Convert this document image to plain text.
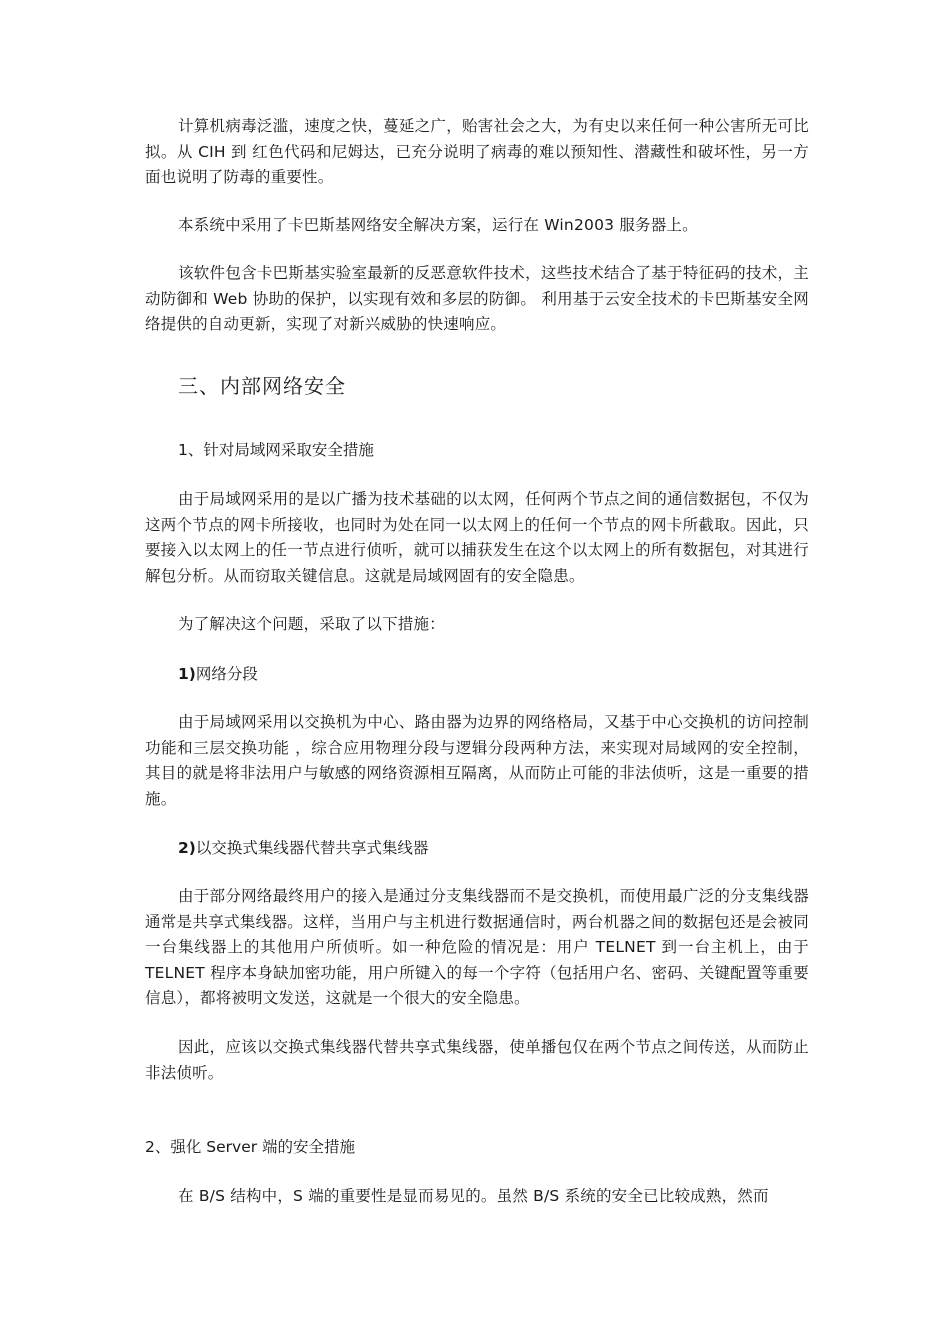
计算机病毒泛滥，速度之快，蔓延之广，贻害社会之大，为有史以来任何一种公害所无可比拟。从 CIH 到 红色代码和尼姆达，已充分说明了病毒的难以预知性、潜藏性和破坏性，另一方面也说明了防毒的重要性。

本系统中采用了卡巴斯基网络安全解决方案，运行在 Win2003 服务器上。

该软件包含卡巴斯基实验室最新的反恶意软件技术，这些技术结合了基于特征码的技术，主动防御和 Web 协助的保护，以实现有效和多层的防御。 利用基于云安全技术的卡巴斯基安全网络提供的自动更新，实现了对新兴威胁的快速响应。

三、内部网络安全

1、针对局域网采取安全措施

由于局域网采用的是以广播为技术基础的以太网，任何两个节点之间的通信数据包，不仅为这两个节点的网卡所接收，也同时为处在同一以太网上的任何一个节点的网卡所截取。因此，只要接入以太网上的任一节点进行侦听，就可以捕获发生在这个以太网上的所有数据包，对其进行解包分析。从而窃取关键信息。这就是局域网固有的安全隐患。

为了解决这个问题，采取了以下措施：

1)网络分段

由于局域网采用以交换机为中心、路由器为边界的网络格局，又基于中心交换机的访问控制功能和三层交换功能 ，综合应用物理分段与逻辑分段两种方法，来实现对局域网的安全控制，其目的就是将非法用户与敏感的网络资源相互隔离，从而防止可能的非法侦听，这是一重要的措施。

2)以交换式集线器代替共享式集线器

由于部分网络最终用户的接入是通过分支集线器而不是交换机，而使用最广泛的分支集线器通常是共享式集线器。这样，当用户与主机进行数据通信时，两台机器之间的数据包还是会被同一台集线器上的其他用户所侦听。如一种危险的情况是：用户 TELNET 到一台主机上，由于 TELNET 程序本身缺加密功能，用户所键入的每一个字符（包括用户名、密码、关键配置等重要信息），都将被明文发送，这就是一个很大的安全隐患。

因此，应该以交换式集线器代替共享式集线器，使单播包仅在两个节点之间传送，从而防止非法侦听。

2、强化 Server 端的安全措施

在 B/S 结构中，S 端的重要性是显而易见的。虽然 B/S 系统的安全已比较成熟，然而
